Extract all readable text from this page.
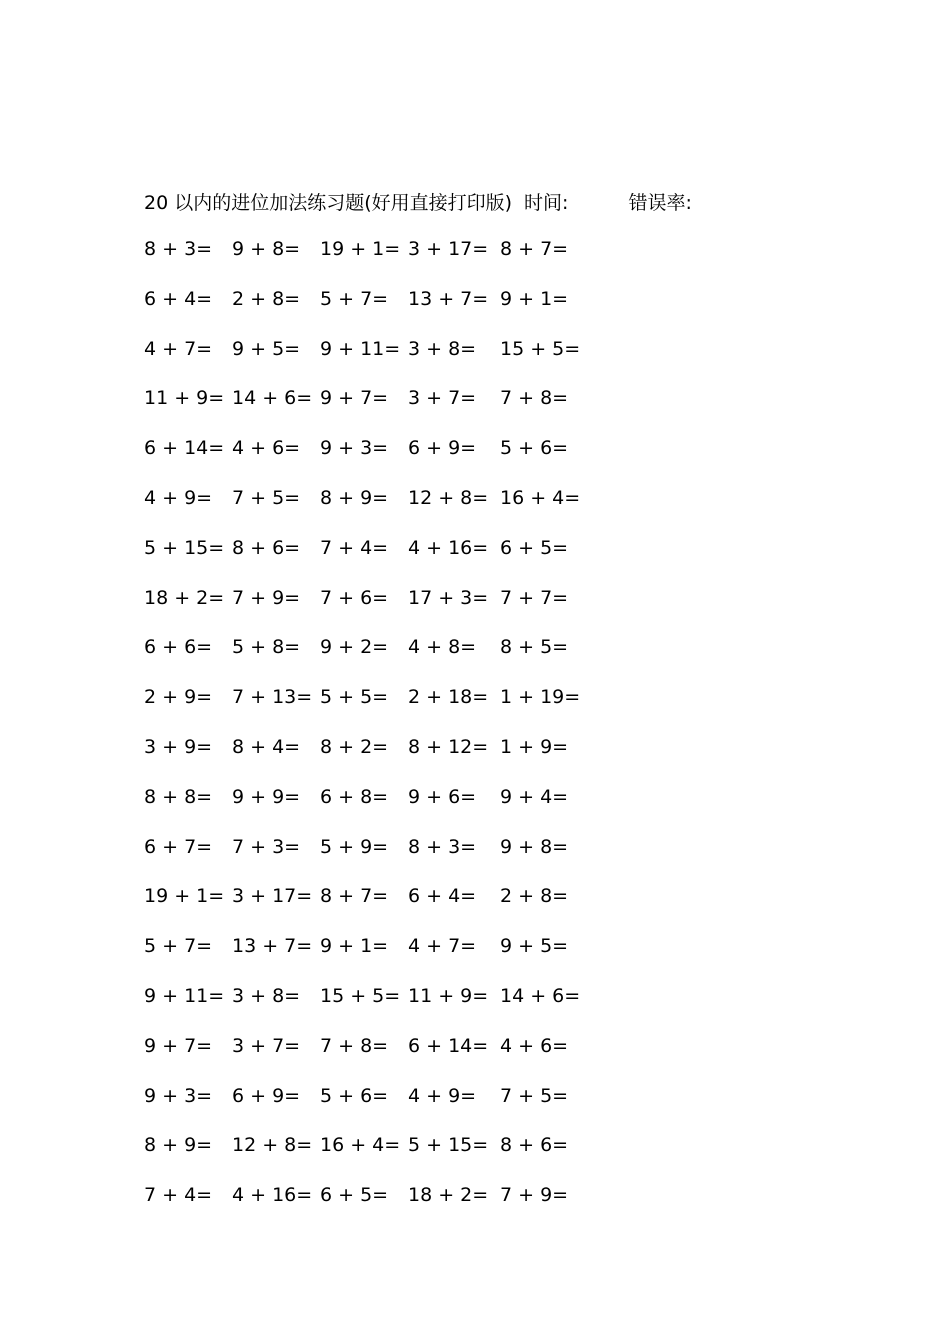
20 以内的进位加法练习题(好用直接打印版) 时间:	错误率:
8 + 3= 9 + 8= 19 + 1= 3 + 17= 8 + 7=
6 + 4= 2 + 8= 5 + 7= 13 + 7= 9 + 1=
4 + 7= 9 + 5= 9 + 11= 3 + 8= 15 + 5=
11 + 9= 14 + 6= 9 + 7= 3 + 7= 7 + 8=
6 + 14= 4 + 6= 9 + 3= 6 + 9= 5 + 6=
4 + 9= 7 + 5= 8 + 9= 12 + 8= 16 + 4=
5 + 15= 8 + 6= 7 + 4= 4 + 16= 6 + 5=
18 + 2= 7 + 9= 7 + 6= 17 + 3= 7 + 7=
6 + 6= 5 + 8= 9 + 2= 4 + 8= 8 + 5=
2 + 9= 7 + 13= 5 + 5= 2 + 18= 1 + 19=
3 + 9= 8 + 4= 8 + 2= 8 + 12= 1 + 9=
8 + 8= 9 + 9= 6 + 8= 9 + 6= 9 + 4=
6 + 7= 7 + 3= 5 + 9= 8 + 3= 9 + 8=
19 + 1= 3 + 17= 8 + 7= 6 + 4= 2 + 8=
5 + 7= 13 + 7= 9 + 1= 4 + 7= 9 + 5=
9 + 11= 3 + 8= 15 + 5= 11 + 9= 14 + 6=
9 + 7= 3 + 7= 7 + 8= 6 + 14= 4 + 6=
9 + 3= 6 + 9= 5 + 6= 4 + 9= 7 + 5=
8 + 9= 12 + 8= 16 + 4= 5 + 15= 8 + 6=
7 + 4= 4 + 16= 6 + 5= 18 + 2= 7 + 9=
